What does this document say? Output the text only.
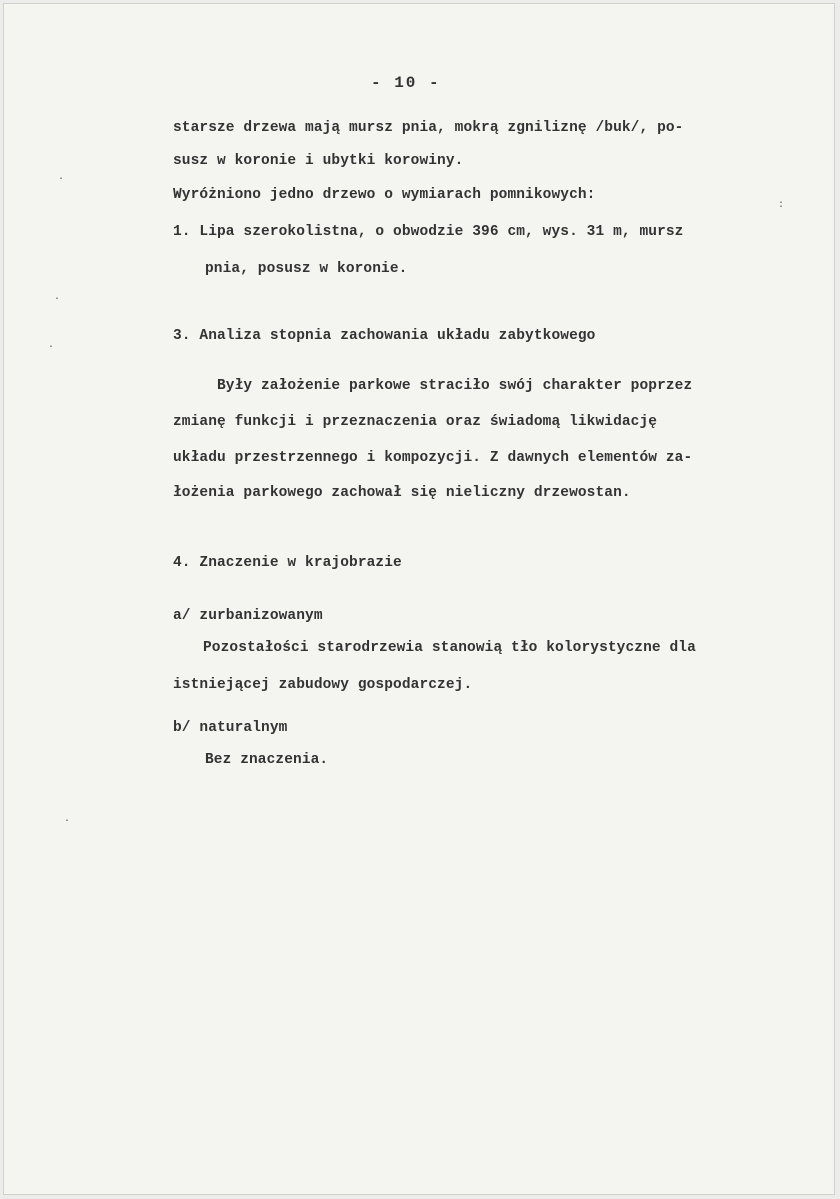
- 10 -
starsze drzewa mają mursz pnia, mokrą zgniliznę /buk/, po-
susz w koronie i ubytki korowiny.
Wyróżniono jedno drzewo o wymiarach pomnikowych:
1. Lipa szerokolistna, o obwodzie 396 cm, wys. 31 m, mursz
pnia, posusz w koronie.
3. Analiza stopnia zachowania układu zabytkowego
Były założenie parkowe straciło swój charakter poprzez
zmianę funkcji i przeznaczenia oraz świadomą likwidację
układu przestrzennego i kompozycji. Z dawnych elementów za-
łożenia parkowego zachował się nieliczny drzewostan.
4. Znaczenie w krajobrazie
a/ zurbanizowanym
Pozostałości starodrzewia stanowią tło kolorystyczne dla
istniejącej zabudowy gospodarczej.
b/ naturalnym
Bez znaczenia.
·
·
·
·
:
